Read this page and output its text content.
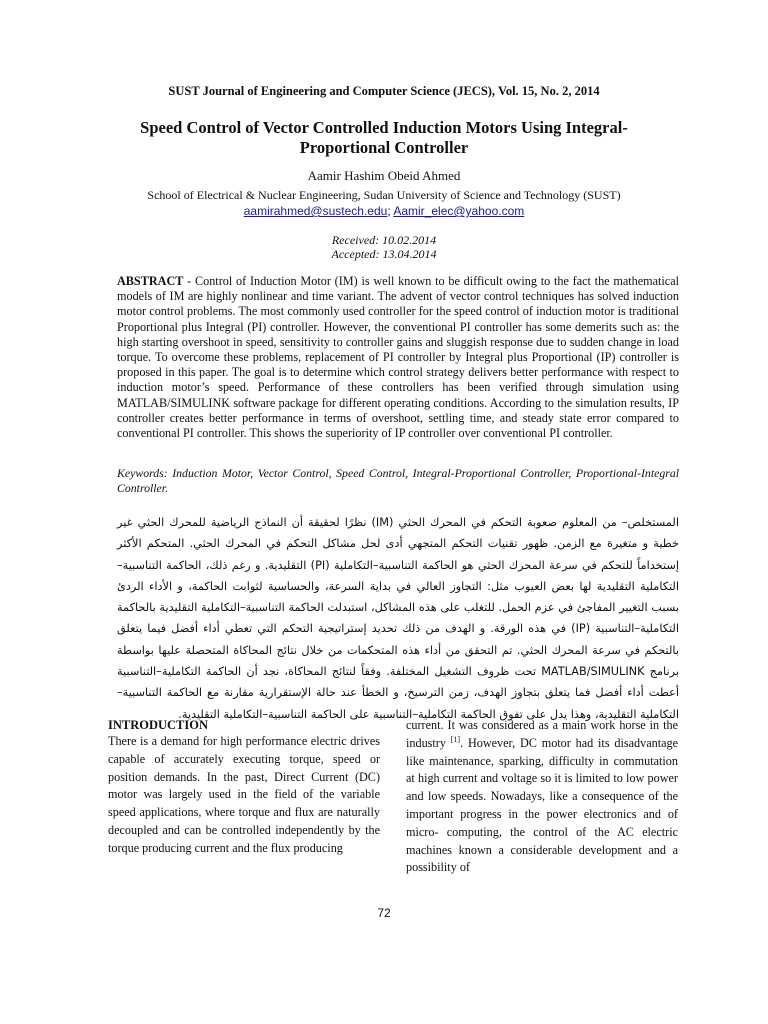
SUST Journal of Engineering and Computer Science (JECS), Vol. 15, No. 2, 2014
Speed Control of Vector Controlled Induction Motors Using Integral-Proportional Controller
Aamir Hashim Obeid Ahmed
School of Electrical & Nuclear Engineering, Sudan University of Science and Technology (SUST)
aamirahmed@sustech.edu; Aamir_elec@yahoo.com
Received: 10.02.2014
Accepted: 13.04.2014

ABSTRACT - Control of Induction Motor (IM) is well known to be difficult owing to the fact the mathematical models of IM are highly nonlinear and time variant. The advent of vector control techniques has solved induction motor control problems. The most commonly used controller for the speed control of induction motor is traditional Proportional plus Integral (PI) controller. However, the conventional PI controller has some demerits such as: the high starting overshoot in speed, sensitivity to controller gains and sluggish response due to sudden change in load torque. To overcome these problems, replacement of PI controller by Integral plus Proportional (IP) controller is proposed in this paper. The goal is to determine which control strategy delivers better performance with respect to induction motor’s speed. Performance of these controllers has been verified through simulation using MATLAB/SIMULINK software package for different operating conditions. According to the simulation results, IP controller creates better performance in terms of overshoot, settling time, and steady state error compared to conventional PI controller. This shows the superiority of IP controller over conventional PI controller.

Keywords: Induction Motor, Vector Control, Speed Control, Integral-Proportional Controller, Proportional-Integral Controller.

المستخلص– من المعلوم صعوبة التحكم في المحرك الحثي (IM) نظرًا لحقيقة أن النماذج الرياضية للمحرك الحثي غير خطية و متغيرة مع الزمن. ظهور تقنيات التحكم المتجهي أدى لحل مشاكل التحكم في المحرك الحثي. المتحكم الأكثر إستخداماً للتحكم في سرعة المحرك الحثي هو الحاكمة التناسبية–التكاملية (PI) التقليدية. و رغم ذلك، الحاكمة التناسبية–التكاملية التقليدية لها بعض العيوب مثل: التجاوز العالي في بداية السرعة، والحساسية لثوابت الحاكمة، و الأداء الردئ بسبب التغيير المفاجئ في عزم الحمل. للتغلب على هذه المشاكل، استبدلت الحاكمة التناسبية–التكاملية التقليدية بالحاكمة التكاملية–التناسبية (IP) في هذه الورقة. و الهدف من ذلك تحديد إستراتيجية التحكم التي تعطي أداء أفضل فيما يتعلق بالتحكم في سرعة المحرك الحثي. تم التحقق من أداء هذه المتحكمات من خلال نتائج المحاكاة المتحصلة عليها بواسطة برنامج MATLAB/SIMULINK تحت ظروف التشغيل المختلفة. وفقاً لنتائج المحاكاة، نجد أن الحاكمة التكاملية–التناسبية أعطت أداء أفضل فما يتعلق بتجاوز الهدف، زمن الترسيخ، و الخطأ عند حالة الإستقرارية مقارنة مع الحاكمة التناسبية–التكاملية التقليدية، وهذا يدل على تفوق الحاكمة التكاملية–التناسبية على الحاكمة التناسبية–التكاملية التقليدية.

INTRODUCTION

There is a demand for high performance electric drives capable of accurately executing torque, speed or position demands. In the past, Direct Current (DC) motor was largely used in the field of the variable speed applications, where torque and flux are naturally decoupled and can be controlled independently by the torque producing current and the flux producing

current. It was considered as a main work horse in the industry [1]. However, DC motor had its disadvantage like maintenance, sparking, difficulty in commutation at high current and voltage so it is limited to low power and low speeds. Nowadays, like a consequence of the important progress in the power electronics and of micro- computing, the control of the AC electric machines known a considerable development and a possibility of

72
